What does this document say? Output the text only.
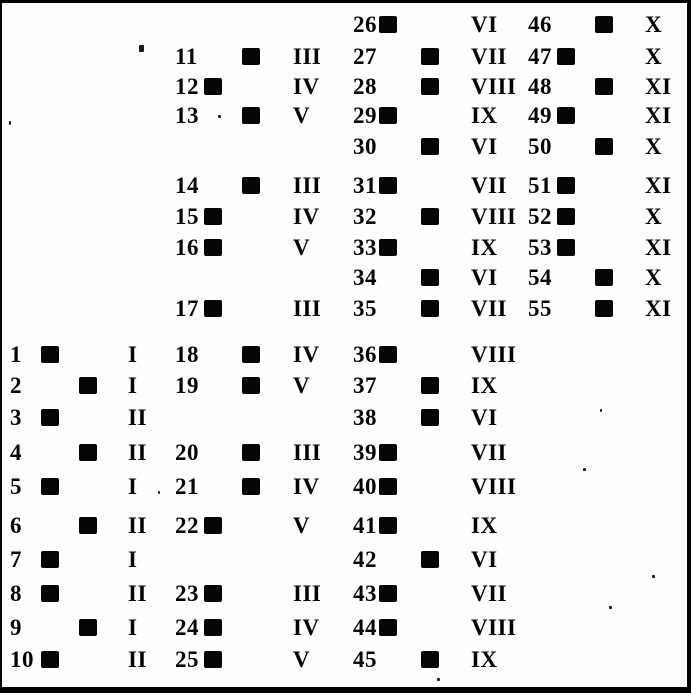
1	I
2	I
3	II
4	II
5	I
6	II
7	I
8	II
9	I
10	II
11	III
12	IV
13	V
14	III
15	IV
16	V
17	III
18	IV
19	V
20	III
21	IV
22	V
23	III
24	IV
25	V
26	VI
27	VII
28	VIII
29	IX
30	VI
31	VII
32	VIII
33	IX
34	VI
35	VII
36	VIII
37	IX
38	VI
39	VII
40	VIII
41	IX
42	VI
43	VII
44	VIII
45	IX
46	X
47	X
48	XI
49	XI
50	X
51	XI
52	X
53	XI
54	X
55	XI
